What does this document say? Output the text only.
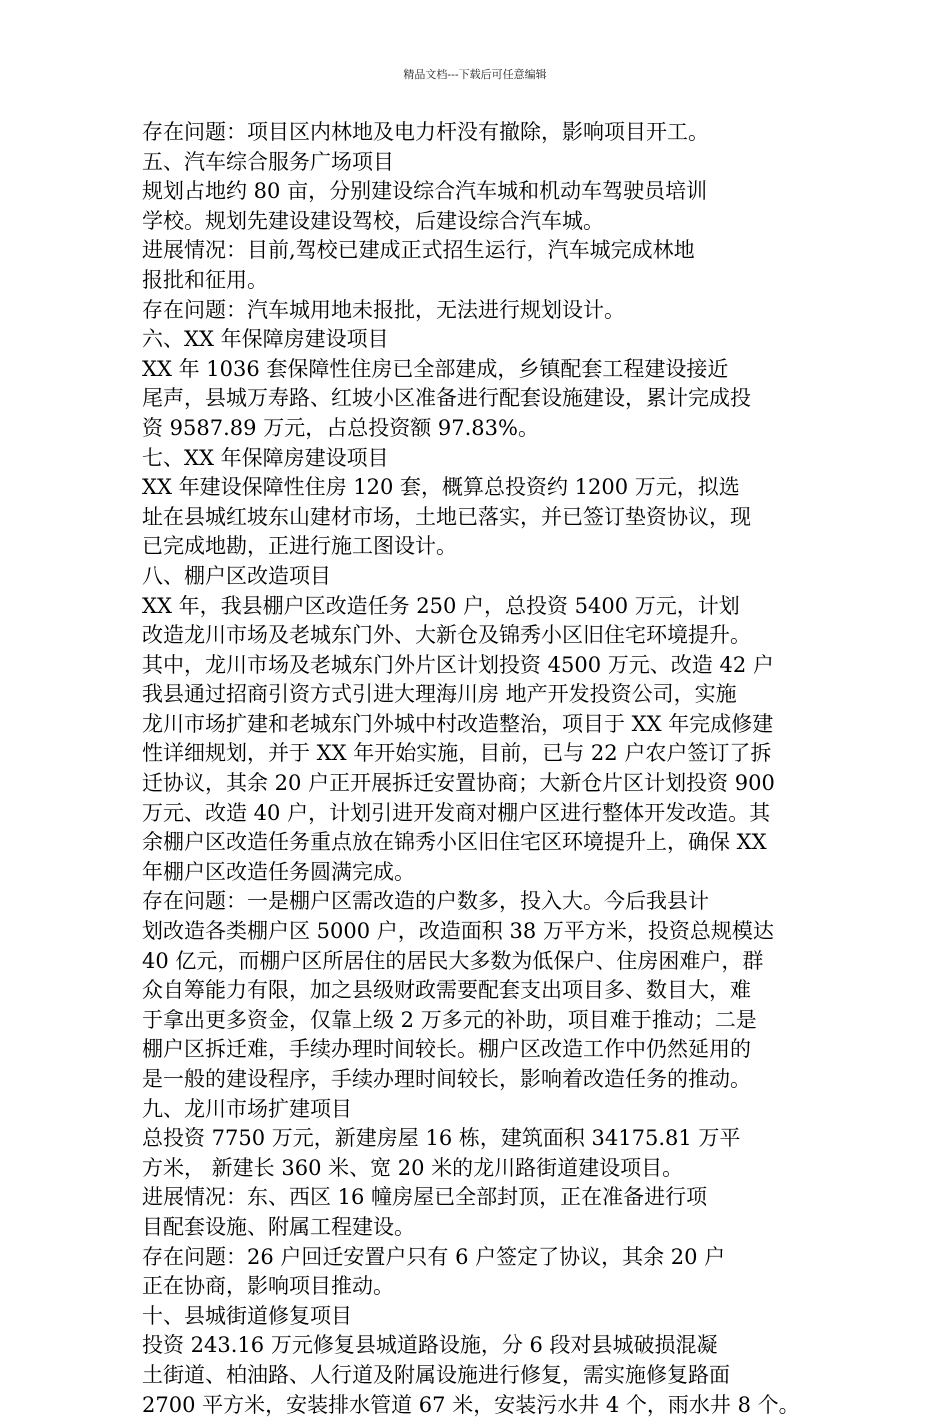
精品文档---下载后可任意编辑
存在问题：项目区内林地及电力杆没有撤除，影响项目开工。
五、汽车综合服务广场项目
规划占地约 80 亩，分别建设综合汽车城和机动车驾驶员培训
学校。规划先建设建设驾校，后建设综合汽车城。
进展情况：目前,驾校已建成正式招生运行，汽车城完成林地
报批和征用。
存在问题：汽车城用地未报批，无法进行规划设计。
六、XX 年保障房建设项目
XX 年 1036 套保障性住房已全部建成，乡镇配套工程建设接近
尾声，县城万寿路、红坡小区准备进行配套设施建设，累计完成投
资 9587.89 万元，占总投资额 97.83%。
七、XX 年保障房建设项目
XX 年建设保障性住房 120 套，概算总投资约 1200 万元，拟选
址在县城红坡东山建材市场，土地已落实，并已签订垫资协议，现
已完成地勘，正进行施工图设计。
八、棚户区改造项目
XX 年，我县棚户区改造任务 250 户，总投资 5400 万元，计划
改造龙川市场及老城东门外、大新仓及锦秀小区旧住宅环境提升。
其中，龙川市场及老城东门外片区计划投资 4500 万元、改造 42 户
我县通过招商引资方式引进大理海川房 地产开发投资公司，实施
龙川市场扩建和老城东门外城中村改造整治，项目于 XX 年完成修建
性详细规划，并于 XX 年开始实施，目前，已与 22 户农户签订了拆
迁协议，其余 20 户正开展拆迁安置协商；大新仓片区计划投资 900
万元、改造 40 户，计划引进开发商对棚户区进行整体开发改造。其
余棚户区改造任务重点放在锦秀小区旧住宅区环境提升上，确保 XX
年棚户区改造任务圆满完成。
存在问题：一是棚户区需改造的户数多，投入大。今后我县计
划改造各类棚户区 5000 户，改造面积 38 万平方米，投资总规模达
40 亿元，而棚户区所居住的居民大多数为低保户、住房困难户，群
众自筹能力有限，加之县级财政需要配套支出项目多、数目大，难
于拿出更多资金，仅靠上级 2 万多元的补助，项目难于推动；二是
棚户区拆迁难，手续办理时间较长。棚户区改造工作中仍然延用的
是一般的建设程序，手续办理时间较长，影响着改造任务的推动。
九、龙川市场扩建项目
总投资 7750 万元，新建房屋 16 栋，建筑面积 34175.81 万平
方米， 新建长 360 米、宽 20 米的龙川路街道建设项目。
进展情况：东、西区 16 幢房屋已全部封顶，正在准备进行项
目配套设施、附属工程建设。
存在问题：26 户回迁安置户只有 6 户签定了协议，其余 20 户
正在协商，影响项目推动。
十、县城街道修复项目
投资 243.16 万元修复县城道路设施，分 6 段对县城破损混凝
土街道、柏油路、人行道及附属设施进行修复，需实施修复路面
2700 平方米，安装排水管道 67 米，安装污水井 4 个，雨水井 8 个。
